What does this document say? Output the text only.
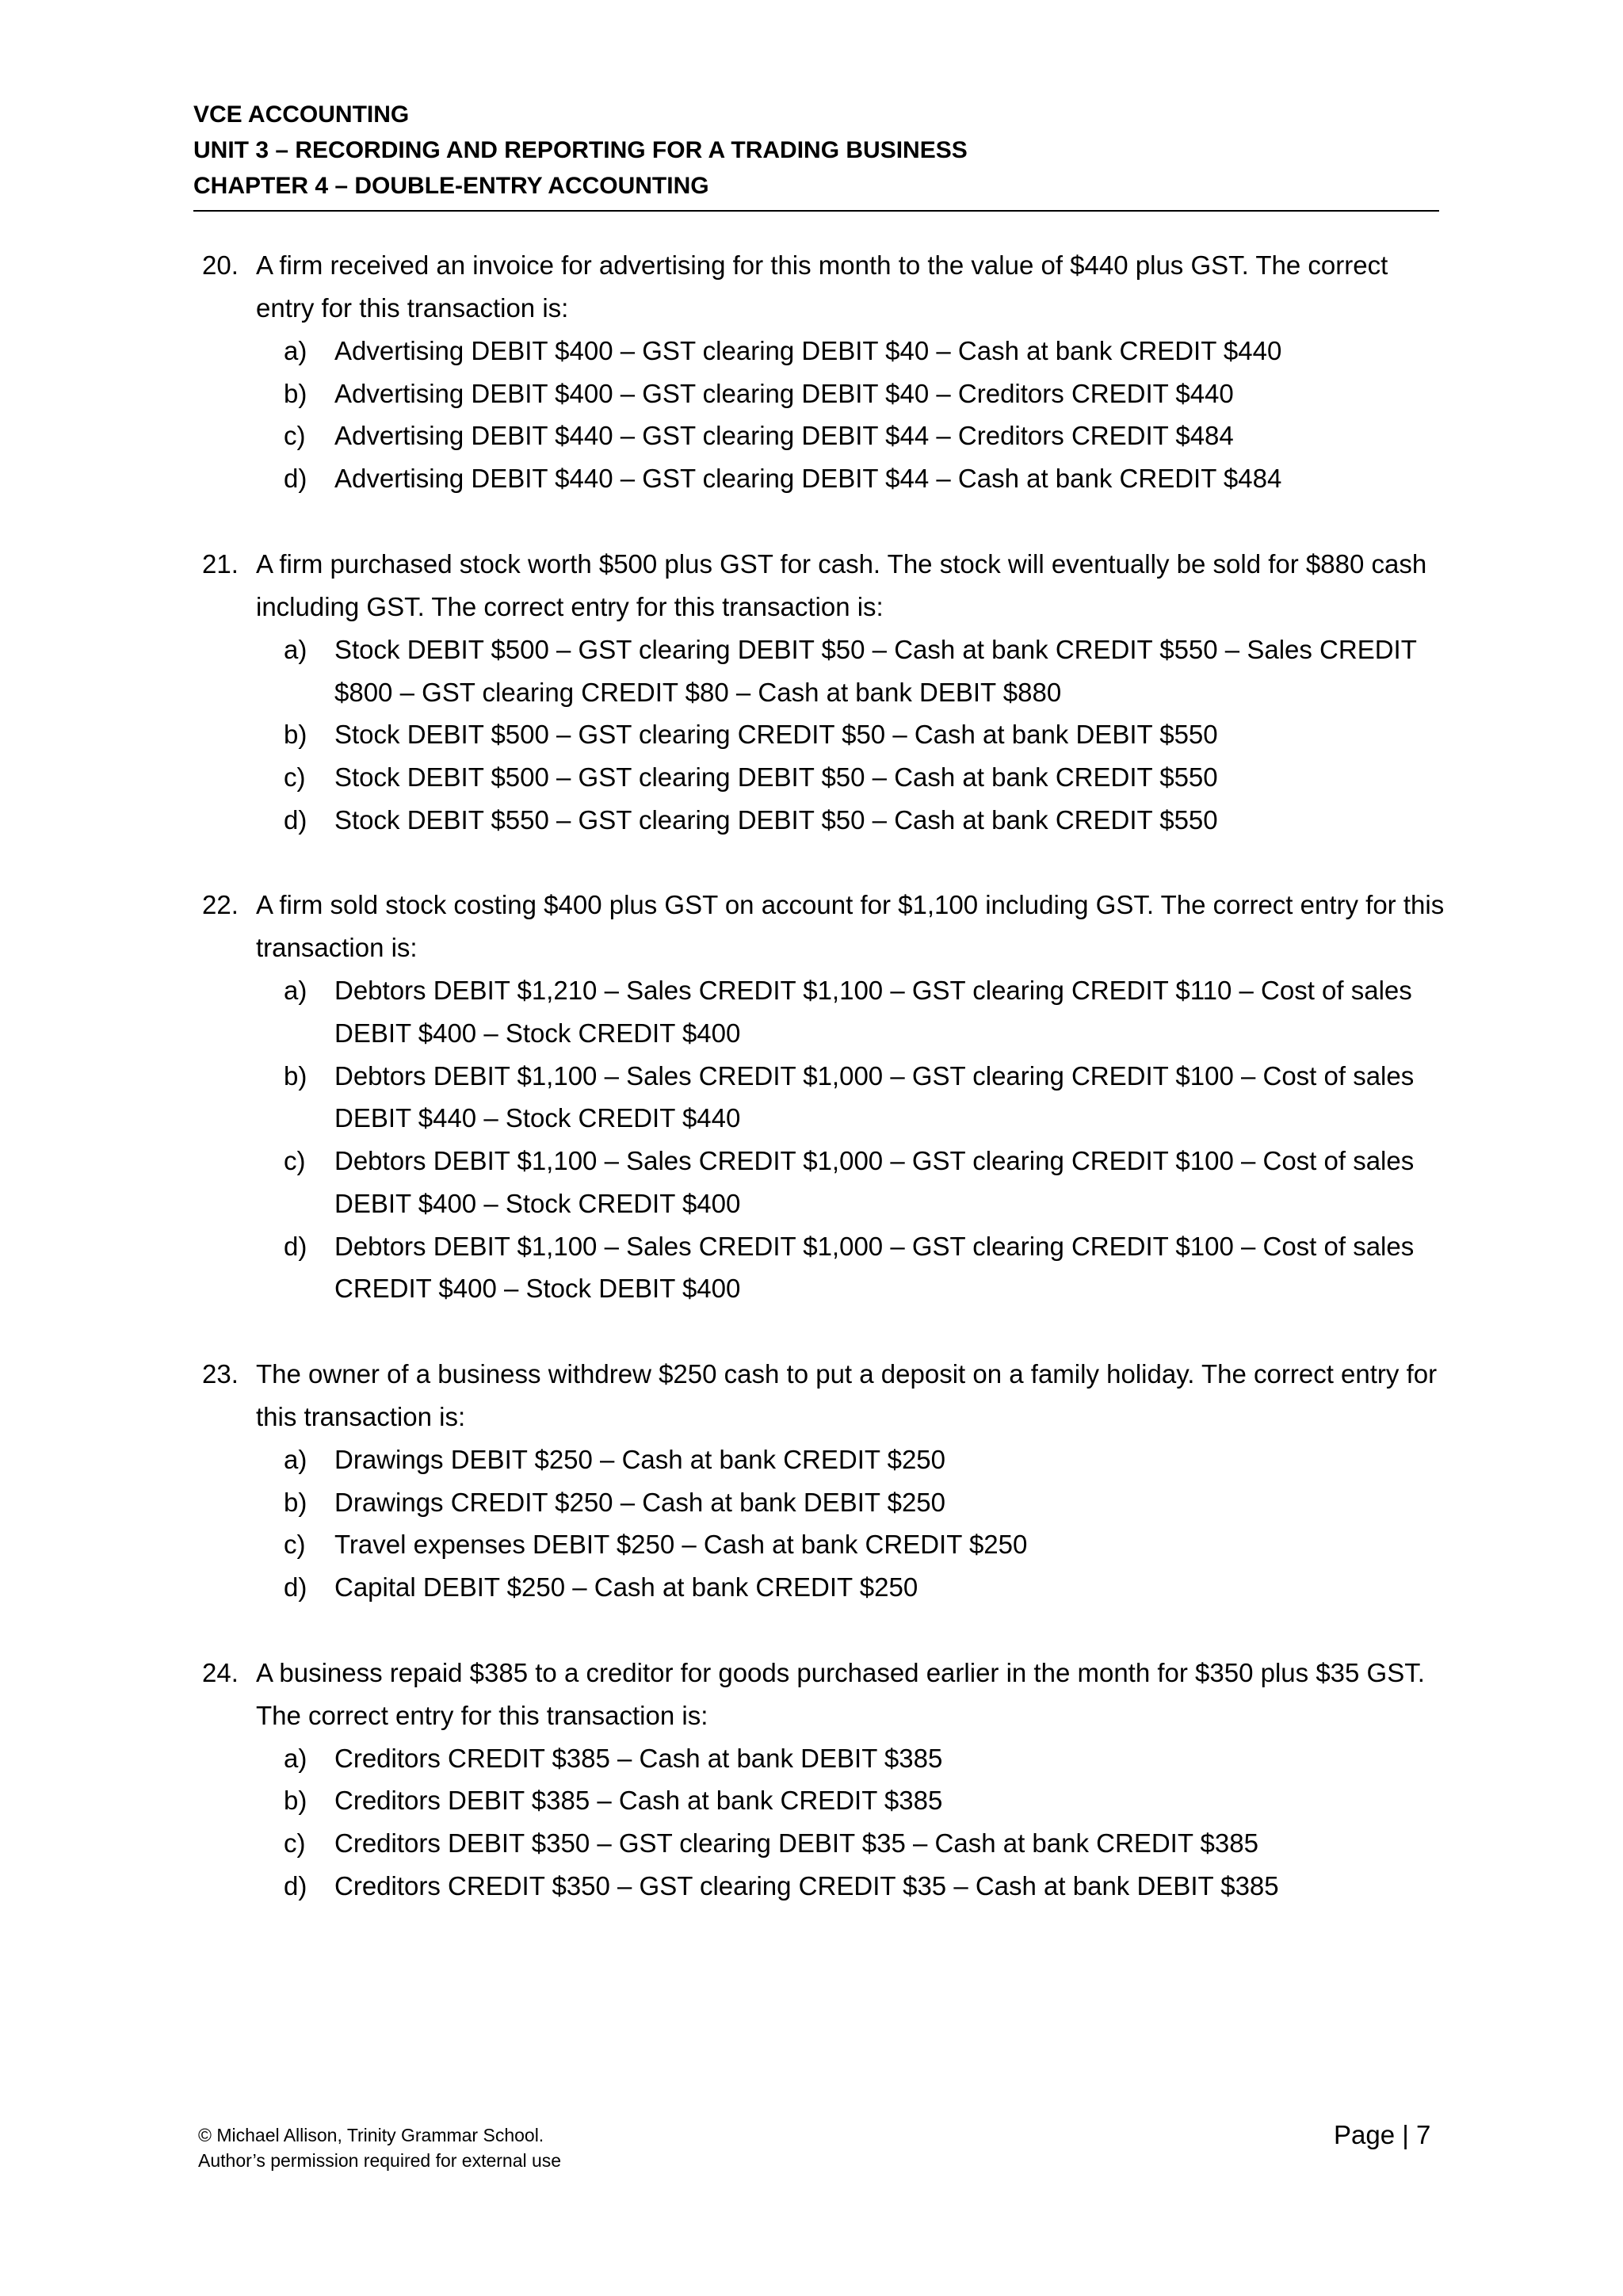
VCE ACCOUNTING
UNIT 3 – RECORDING AND REPORTING FOR A TRADING BUSINESS
CHAPTER 4 – DOUBLE-ENTRY ACCOUNTING
20. A firm received an invoice for advertising for this month to the value of $440 plus GST. The correct entry for this transaction is:
a)	Advertising DEBIT $400 – GST clearing DEBIT $40 – Cash at bank CREDIT $440
b)	Advertising DEBIT $400 – GST clearing DEBIT $40 – Creditors CREDIT $440
c)	Advertising DEBIT $440 – GST clearing DEBIT $44 – Creditors CREDIT $484
d)	Advertising DEBIT $440 – GST clearing DEBIT $44 – Cash at bank CREDIT $484
21. A firm purchased stock worth $500 plus GST for cash. The stock will eventually be sold for $880 cash including GST. The correct entry for this transaction is:
a)	Stock DEBIT $500 – GST clearing DEBIT $50 – Cash at bank CREDIT $550 – Sales CREDIT $800 – GST clearing CREDIT $80 – Cash at bank DEBIT $880
b)	Stock DEBIT $500 – GST clearing CREDIT $50 – Cash at bank DEBIT $550
c)	Stock DEBIT $500 – GST clearing DEBIT $50 – Cash at bank CREDIT $550
d)	Stock DEBIT $550 – GST clearing DEBIT $50 – Cash at bank CREDIT $550
22. A firm sold stock costing $400 plus GST on account for $1,100 including GST. The correct entry for this transaction is:
a)	Debtors DEBIT $1,210 – Sales CREDIT $1,100 – GST clearing CREDIT $110 – Cost of sales DEBIT $400 – Stock CREDIT $400
b)	Debtors DEBIT $1,100 – Sales CREDIT $1,000 – GST clearing CREDIT $100 – Cost of sales DEBIT $440 – Stock CREDIT $440
c)	Debtors DEBIT $1,100 – Sales CREDIT $1,000 – GST clearing CREDIT $100 – Cost of sales DEBIT $400 – Stock CREDIT $400
d)	Debtors DEBIT $1,100 – Sales CREDIT $1,000 – GST clearing CREDIT $100 – Cost of sales CREDIT $400 – Stock DEBIT $400
23. The owner of a business withdrew $250 cash to put a deposit on a family holiday. The correct entry for this transaction is:
a)	Drawings DEBIT $250 – Cash at bank CREDIT $250
b)	Drawings CREDIT $250 – Cash at bank DEBIT $250
c)	Travel expenses DEBIT $250 – Cash at bank CREDIT $250
d)	Capital DEBIT $250 – Cash at bank CREDIT $250
24. A business repaid $385 to a creditor for goods purchased earlier in the month for $350 plus $35 GST. The correct entry for this transaction is:
a)	Creditors CREDIT $385 – Cash at bank DEBIT $385
b)	Creditors DEBIT $385 – Cash at bank CREDIT $385
c)	Creditors DEBIT $350 – GST clearing DEBIT $35 – Cash at bank CREDIT $385
d)	Creditors CREDIT $350 – GST clearing CREDIT $35 – Cash at bank DEBIT $385
© Michael Allison, Trinity Grammar School.
Author’s permission required for external use
Page | 7
